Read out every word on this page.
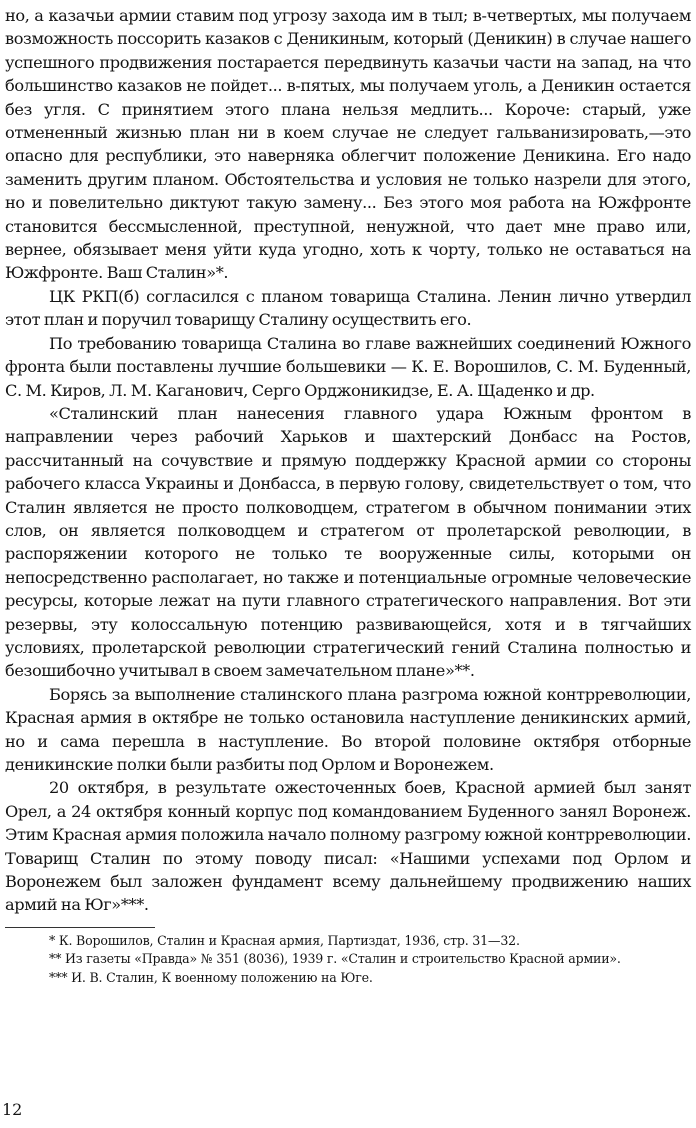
но, а казачьи армии ставим под угрозу захода им в тыл; в-четвертых, мы получаем возможность поссорить казаков с Деникиным, который (Деникин) в случае нашего успешного продвижения постарается передвинуть казачьи части на запад, на что большинство казаков не пойдет... в-пятых, мы получаем уголь, а Деникин остается без угля. С принятием этого плана нельзя медлить... Короче: старый, уже отмененный жизнью план ни в коем случае не следует гальванизировать,—это опасно для республики, это наверняка облегчит положение Деникина. Его надо заменить другим планом. Обстоятельства и условия не только назрели для этого, но и повелительно диктуют такую замену... Без этого моя работа на Южфронте становится бессмысленной, преступной, ненужной, что дает мне право или, вернее, обязывает меня уйти куда угодно, хоть к чорту, только не оставаться на Южфронте. Ваш Сталин»*.

ЦК РКП(б) согласился с планом товарища Сталина. Ленин лично утвердил этот план и поручил товарищу Сталину осуществить его.

По требованию товарища Сталина во главе важнейших соединений Южного фронта были поставлены лучшие большевики — К. Е. Ворошилов, С. М. Буденный, С. М. Киров, Л. М. Каганович, Серго Орджоникидзе, Е. А. Щаденко и др.

«Сталинский план нанесения главного удара Южным фронтом в направлении через рабочий Харьков и шахтерский Донбасс на Ростов, рассчитанный на сочувствие и прямую поддержку Красной армии со стороны рабочего класса Украины и Донбасса, в первую голову, свидетельствует о том, что Сталин является не просто полководцем, стратегом в обычном понимании этих слов, он является полководцем и стратегом от пролетарской революции, в распоряжении которого не только те вооруженные силы, которыми он непосредственно располагает, но также и потенциальные огромные человеческие ресурсы, которые лежат на пути главного стратегического направления. Вот эти резервы, эту колоссальную потенцию развивающейся, хотя и в тягчайших условиях, пролетарской революции стратегический гений Сталина полностью и безошибочно учитывал в своем замечательном плане»**.

Борясь за выполнение сталинского плана разгрома южной контрреволюции, Красная армия в октябре не только остановила наступление деникинских армий, но и сама перешла в наступление. Во второй половине октября отборные деникинские полки были разбиты под Орлом и Воронежем.

20 октября, в результате ожесточенных боев, Красной армией был занят Орел, а 24 октября конный корпус под командованием Буденного занял Воронеж. Этим Красная армия положила начало полному разгрому южной контрреволюции. Товарищ Сталин по этому поводу писал: «Нашими успехами под Орлом и Воронежем был заложен фундамент всему дальнейшему продвижению наших армий на Юг»***.

* К. Ворошилов, Сталин и Красная армия, Партиздат, 1936, стр. 31—32.

** Из газеты «Правда» № 351 (8036), 1939 г. «Сталин и строительство Красной армии».

*** И. В. Сталин, К военному положению на Юге.

12
